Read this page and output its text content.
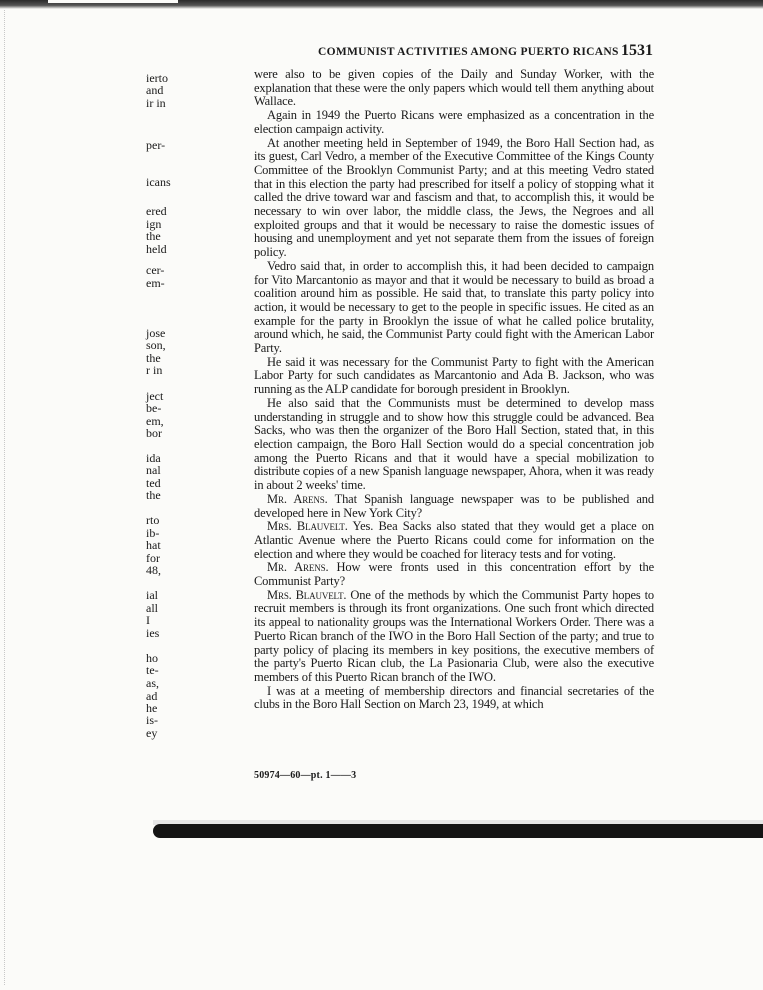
COMMUNIST ACTIVITIES AMONG PUERTO RICANS 1531
ierto
and
ir in
per-
icans
ered
ign
the
held
cer-
em-
jose
son,
the
r in
ject
be-
em,
bor
ida
nal
ted
the
rto
ib-
hat
for
48,
ial
all
I
ies
ho
te-
as,
ad
he
is-
ey

were also to be given copies of the Daily and Sunday Worker, with the explanation that these were the only papers which would tell them anything about Wallace.

Again in 1949 the Puerto Ricans were emphasized as a concentration in the election campaign activity.

At another meeting held in September of 1949, the Boro Hall Section had, as its guest, Carl Vedro, a member of the Executive Committee of the Kings County Committee of the Brooklyn Communist Party; and at this meeting Vedro stated that in this election the party had prescribed for itself a policy of stopping what it called the drive toward war and fascism and that, to accomplish this, it would be necessary to win over labor, the middle class, the Jews, the Negroes and all exploited groups and that it would be necessary to raise the domestic issues of housing and unemployment and yet not separate them from the issues of foreign policy.

Vedro said that, in order to accomplish this, it had been decided to campaign for Vito Marcantonio as mayor and that it would be necessary to build as broad a coalition around him as possible. He said that, to translate this party policy into action, it would be necessary to get to the people in specific issues. He cited as an example for the party in Brooklyn the issue of what he called police brutality, around which, he said, the Communist Party could fight with the American Labor Party.

He said it was necessary for the Communist Party to fight with the American Labor Party for such candidates as Marcantonio and Ada B. Jackson, who was running as the ALP candidate for borough president in Brooklyn.

He also said that the Communists must be determined to develop mass understanding in struggle and to show how this struggle could be advanced. Bea Sacks, who was then the organizer of the Boro Hall Section, stated that, in this election campaign, the Boro Hall Section would do a special concentration job among the Puerto Ricans and that it would have a special mobilization to distribute copies of a new Spanish language newspaper, Ahora, when it was ready in about 2 weeks' time.

Mr. Arens. That Spanish language newspaper was to be published and developed here in New York City?

Mrs. Blauvelt. Yes. Bea Sacks also stated that they would get a place on Atlantic Avenue where the Puerto Ricans could come for information on the election and where they would be coached for literacy tests and for voting.

Mr. Arens. How were fronts used in this concentration effort by the Communist Party?

Mrs. Blauvelt. One of the methods by which the Communist Party hopes to recruit members is through its front organizations. One such front which directed its appeal to nationality groups was the International Workers Order. There was a Puerto Rican branch of the IWO in the Boro Hall Section of the party; and true to party policy of placing its members in key positions, the executive members of the party's Puerto Rican club, the La Pasionaria Club, were also the executive members of this Puerto Rican branch of the IWO.

I was at a meeting of membership directors and financial secretaries of the clubs in the Boro Hall Section on March 23, 1949, at which

50974—60—pt. 1——3
